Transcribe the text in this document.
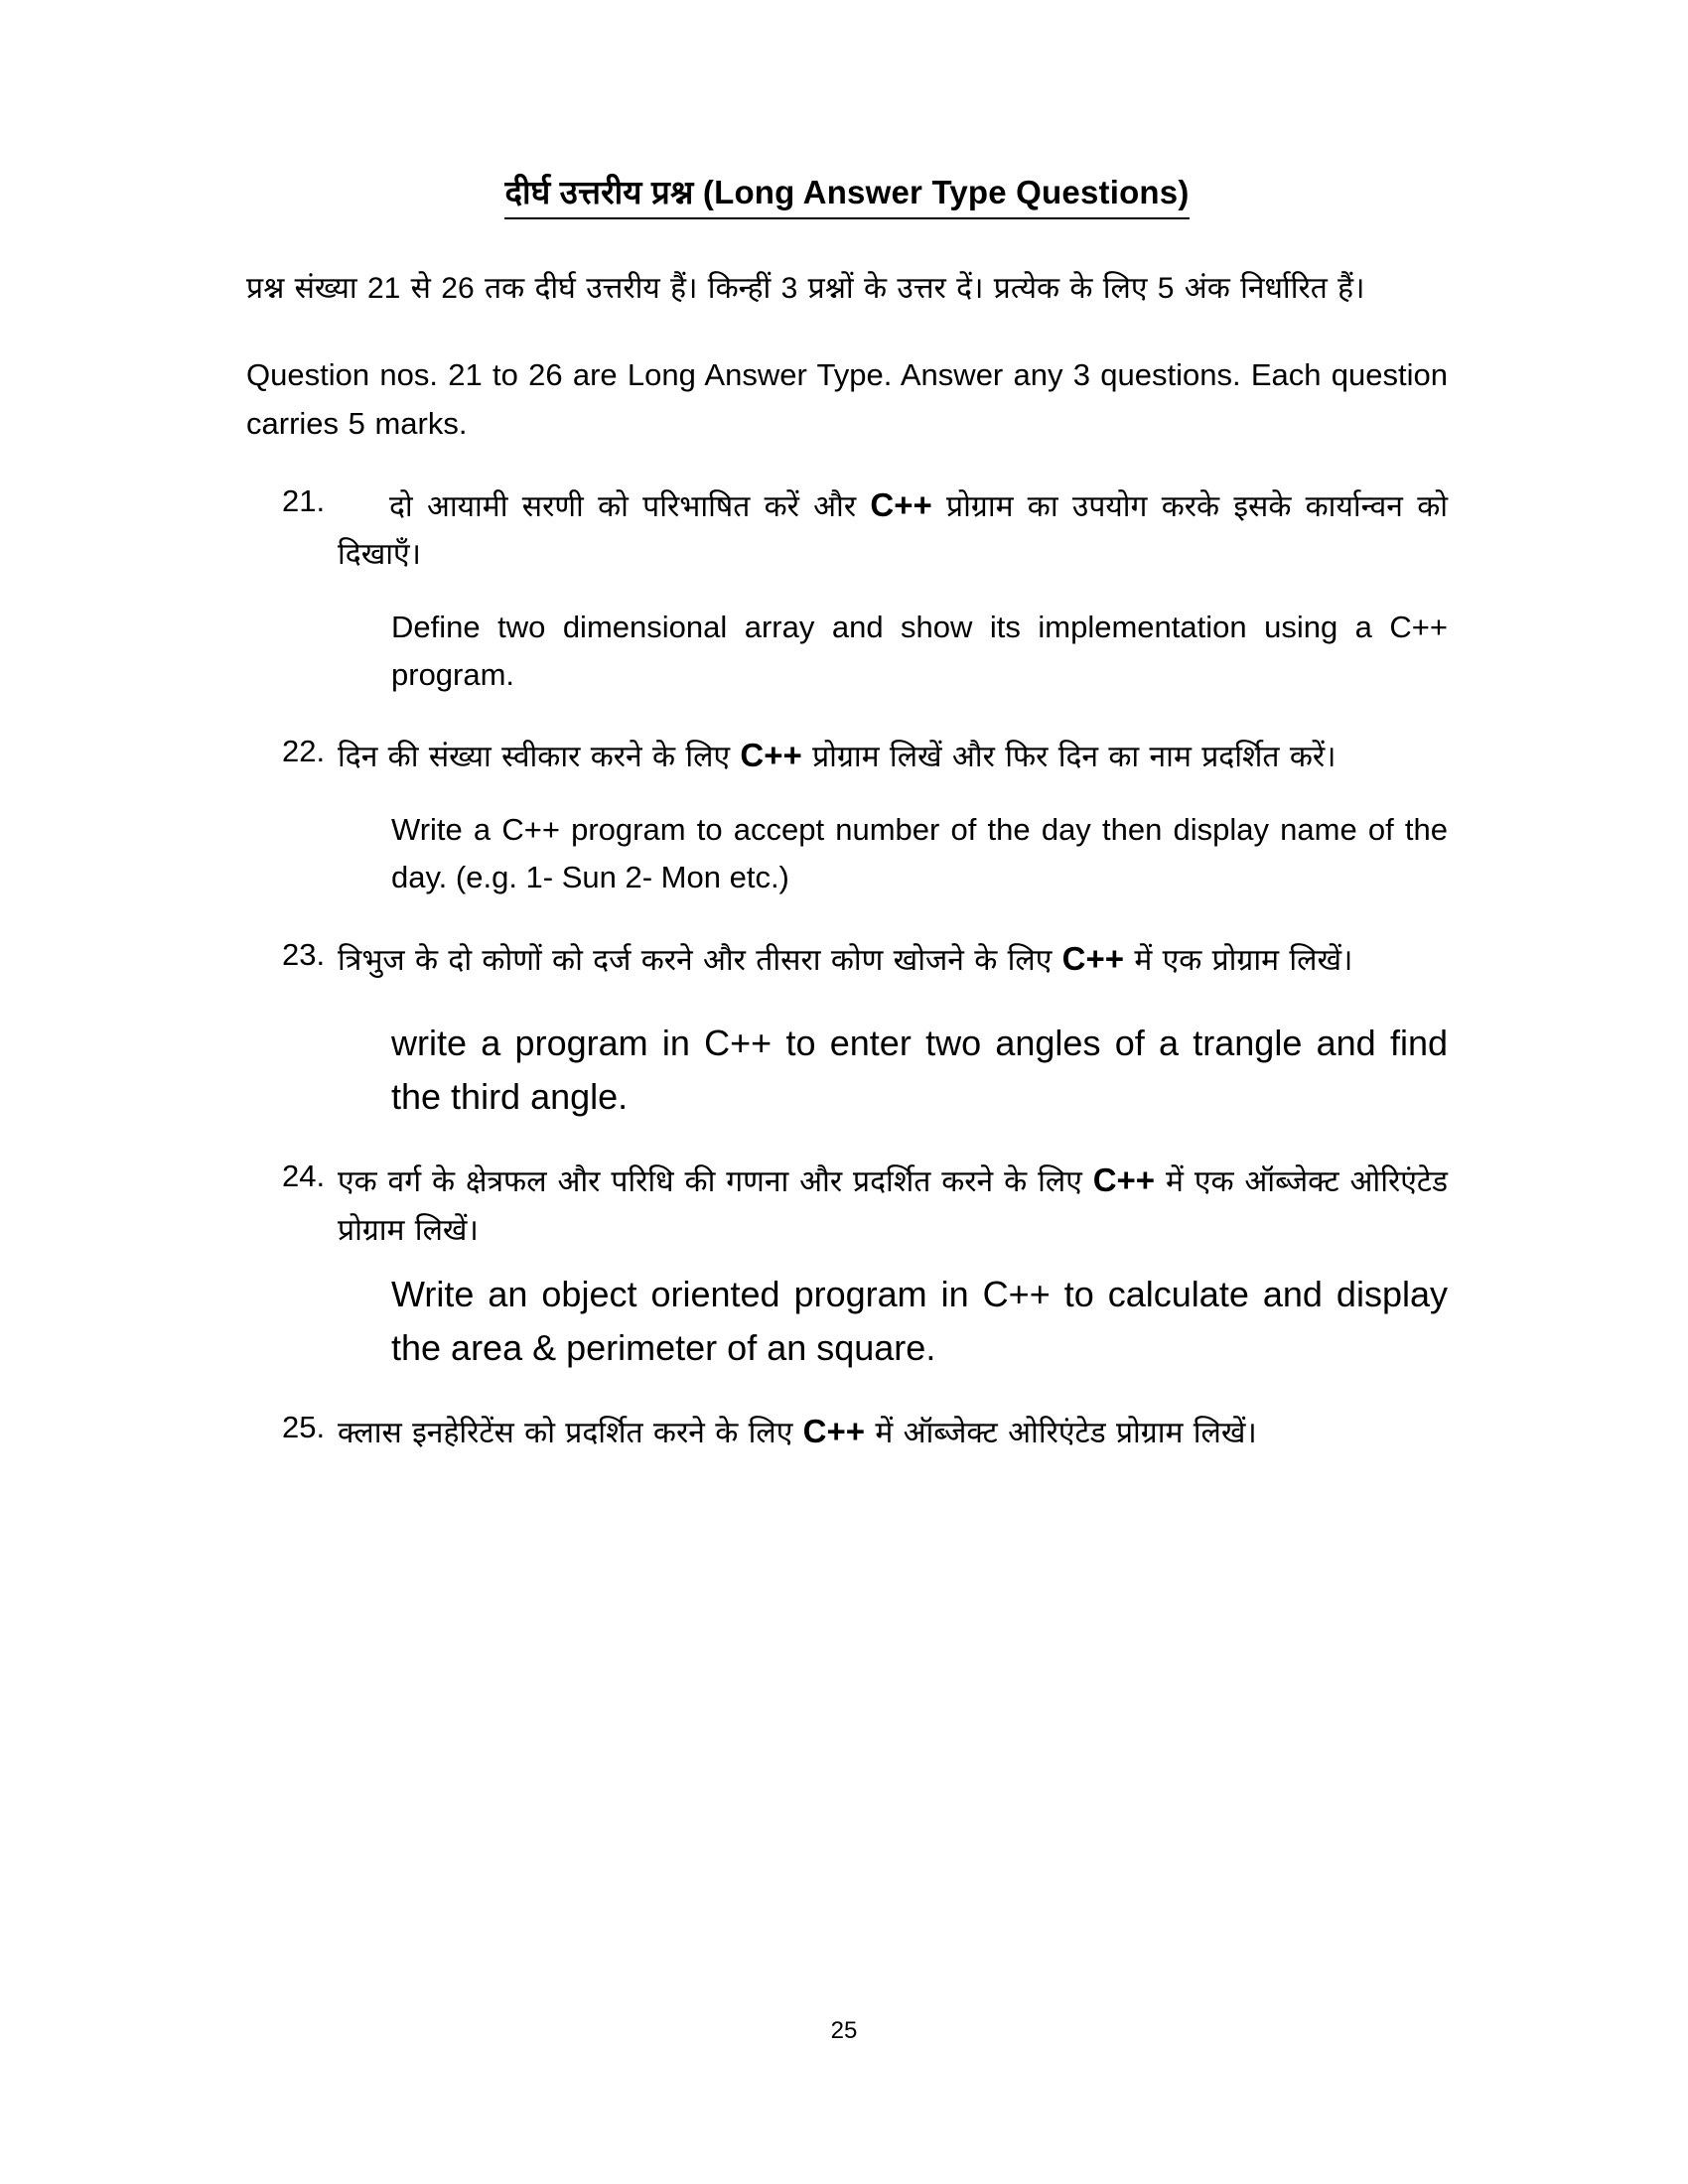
दीर्घ उत्तरीय प्रश्न (Long Answer Type Questions)
प्रश्न संख्या 21 से 26 तक दीर्घ उत्तरीय हैं। किन्हीं 3 प्रश्नों के उत्तर दें। प्रत्येक के लिए 5 अंक निर्धारित हैं।
Question nos. 21 to 26 are Long Answer Type. Answer any 3 questions. Each question carries 5 marks.
21.	दो आयामी सरणी को परिभाषित करें और C++ प्रोग्राम का उपयोग करके इसके कार्यान्वन को दिखाएँ।
Define two dimensional array and show its implementation using a C++ program.
22. दिन की संख्या स्वीकार करने के लिए C++ प्रोग्राम लिखें और फिर दिन का नाम प्रदर्शित करें।
Write a C++ program to accept number of the day then display name of the day. (e.g. 1- Sun 2- Mon etc.)
23. त्रिभुज के दो कोणों को दर्ज करने और तीसरा कोण खोजने के लिए C++ में एक प्रोग्राम लिखें।
write a program in C++ to enter two angles of a trangle and find the third angle.
24. एक वर्ग के क्षेत्रफल और परिधि की गणना और प्रदर्शित करने के लिए C++ में एक ऑब्जेक्ट ओरिएंटेड प्रोग्राम लिखें।
Write an object oriented program in C++ to calculate and display the area & perimeter of an square.
25. क्लास इनहेरिटेंस को प्रदर्शित करने के लिए C++ में ऑब्जेक्ट ओरिएंटेड प्रोग्राम लिखें।
25
